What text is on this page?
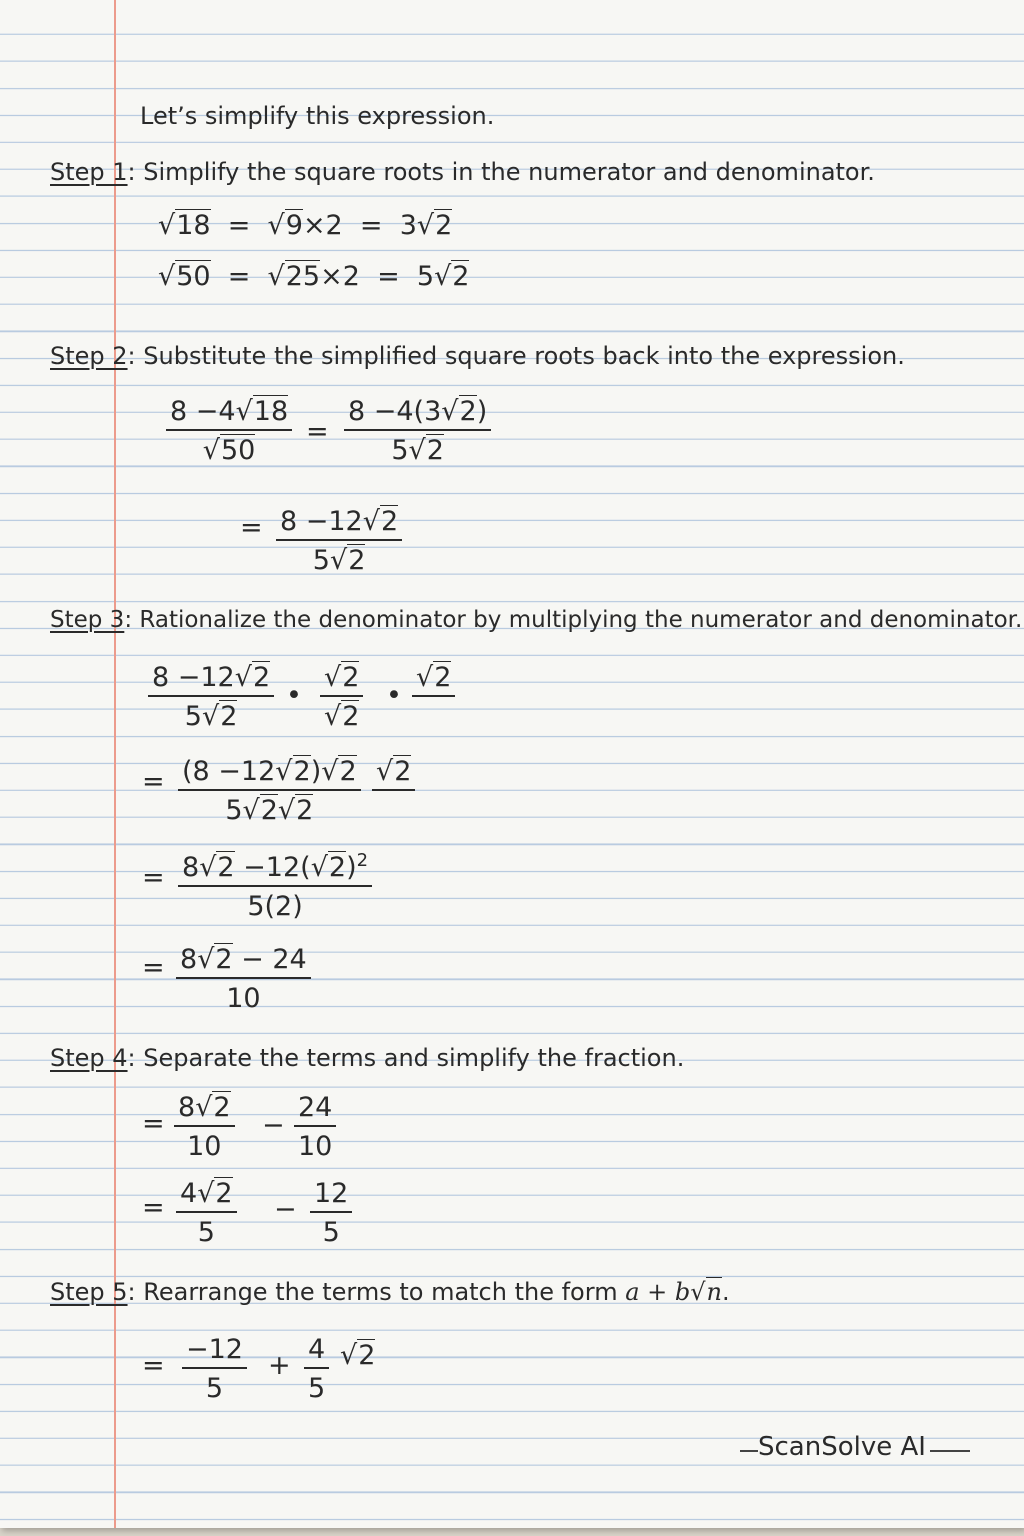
Let’s simplify this expression.
Step 1: Simplify the square roots in the numerator and denominator.
√18 =  √9×2 = 3√2
√50 =  √25×2 = 5√2
Step 2: Substitute the simplified square roots back into the expression.
$\frac{8 -4√18}{√50} = \frac{8 -4(3√2)}{5√2}$
= $\frac{8 -12√2}{5√2}$
Step 3: Rationalize the denominator by multiplying the numerator and denominator.
$\frac{8 -12√2}{5√2}$ • $\frac{√2}{√2}$ •
√2
= $\frac{(8 -12√2)√2}{5√2√2} √2$
= $\frac{8√2 -12(√2)^2}{5(2)}$
= $\frac{8√2 - 24}{10}$
Step 4: Separate the terms and simplify the fraction.
= $\frac{8√2}{10} - \frac{24}{10}$
= $\frac{4√2}{5} - \frac{12}{5}$
Step 5: Rearrange the terms to match the form a + b√n.
= $\frac{-12}{5} + \frac{4}{5} √2$
ScanSolve AI
